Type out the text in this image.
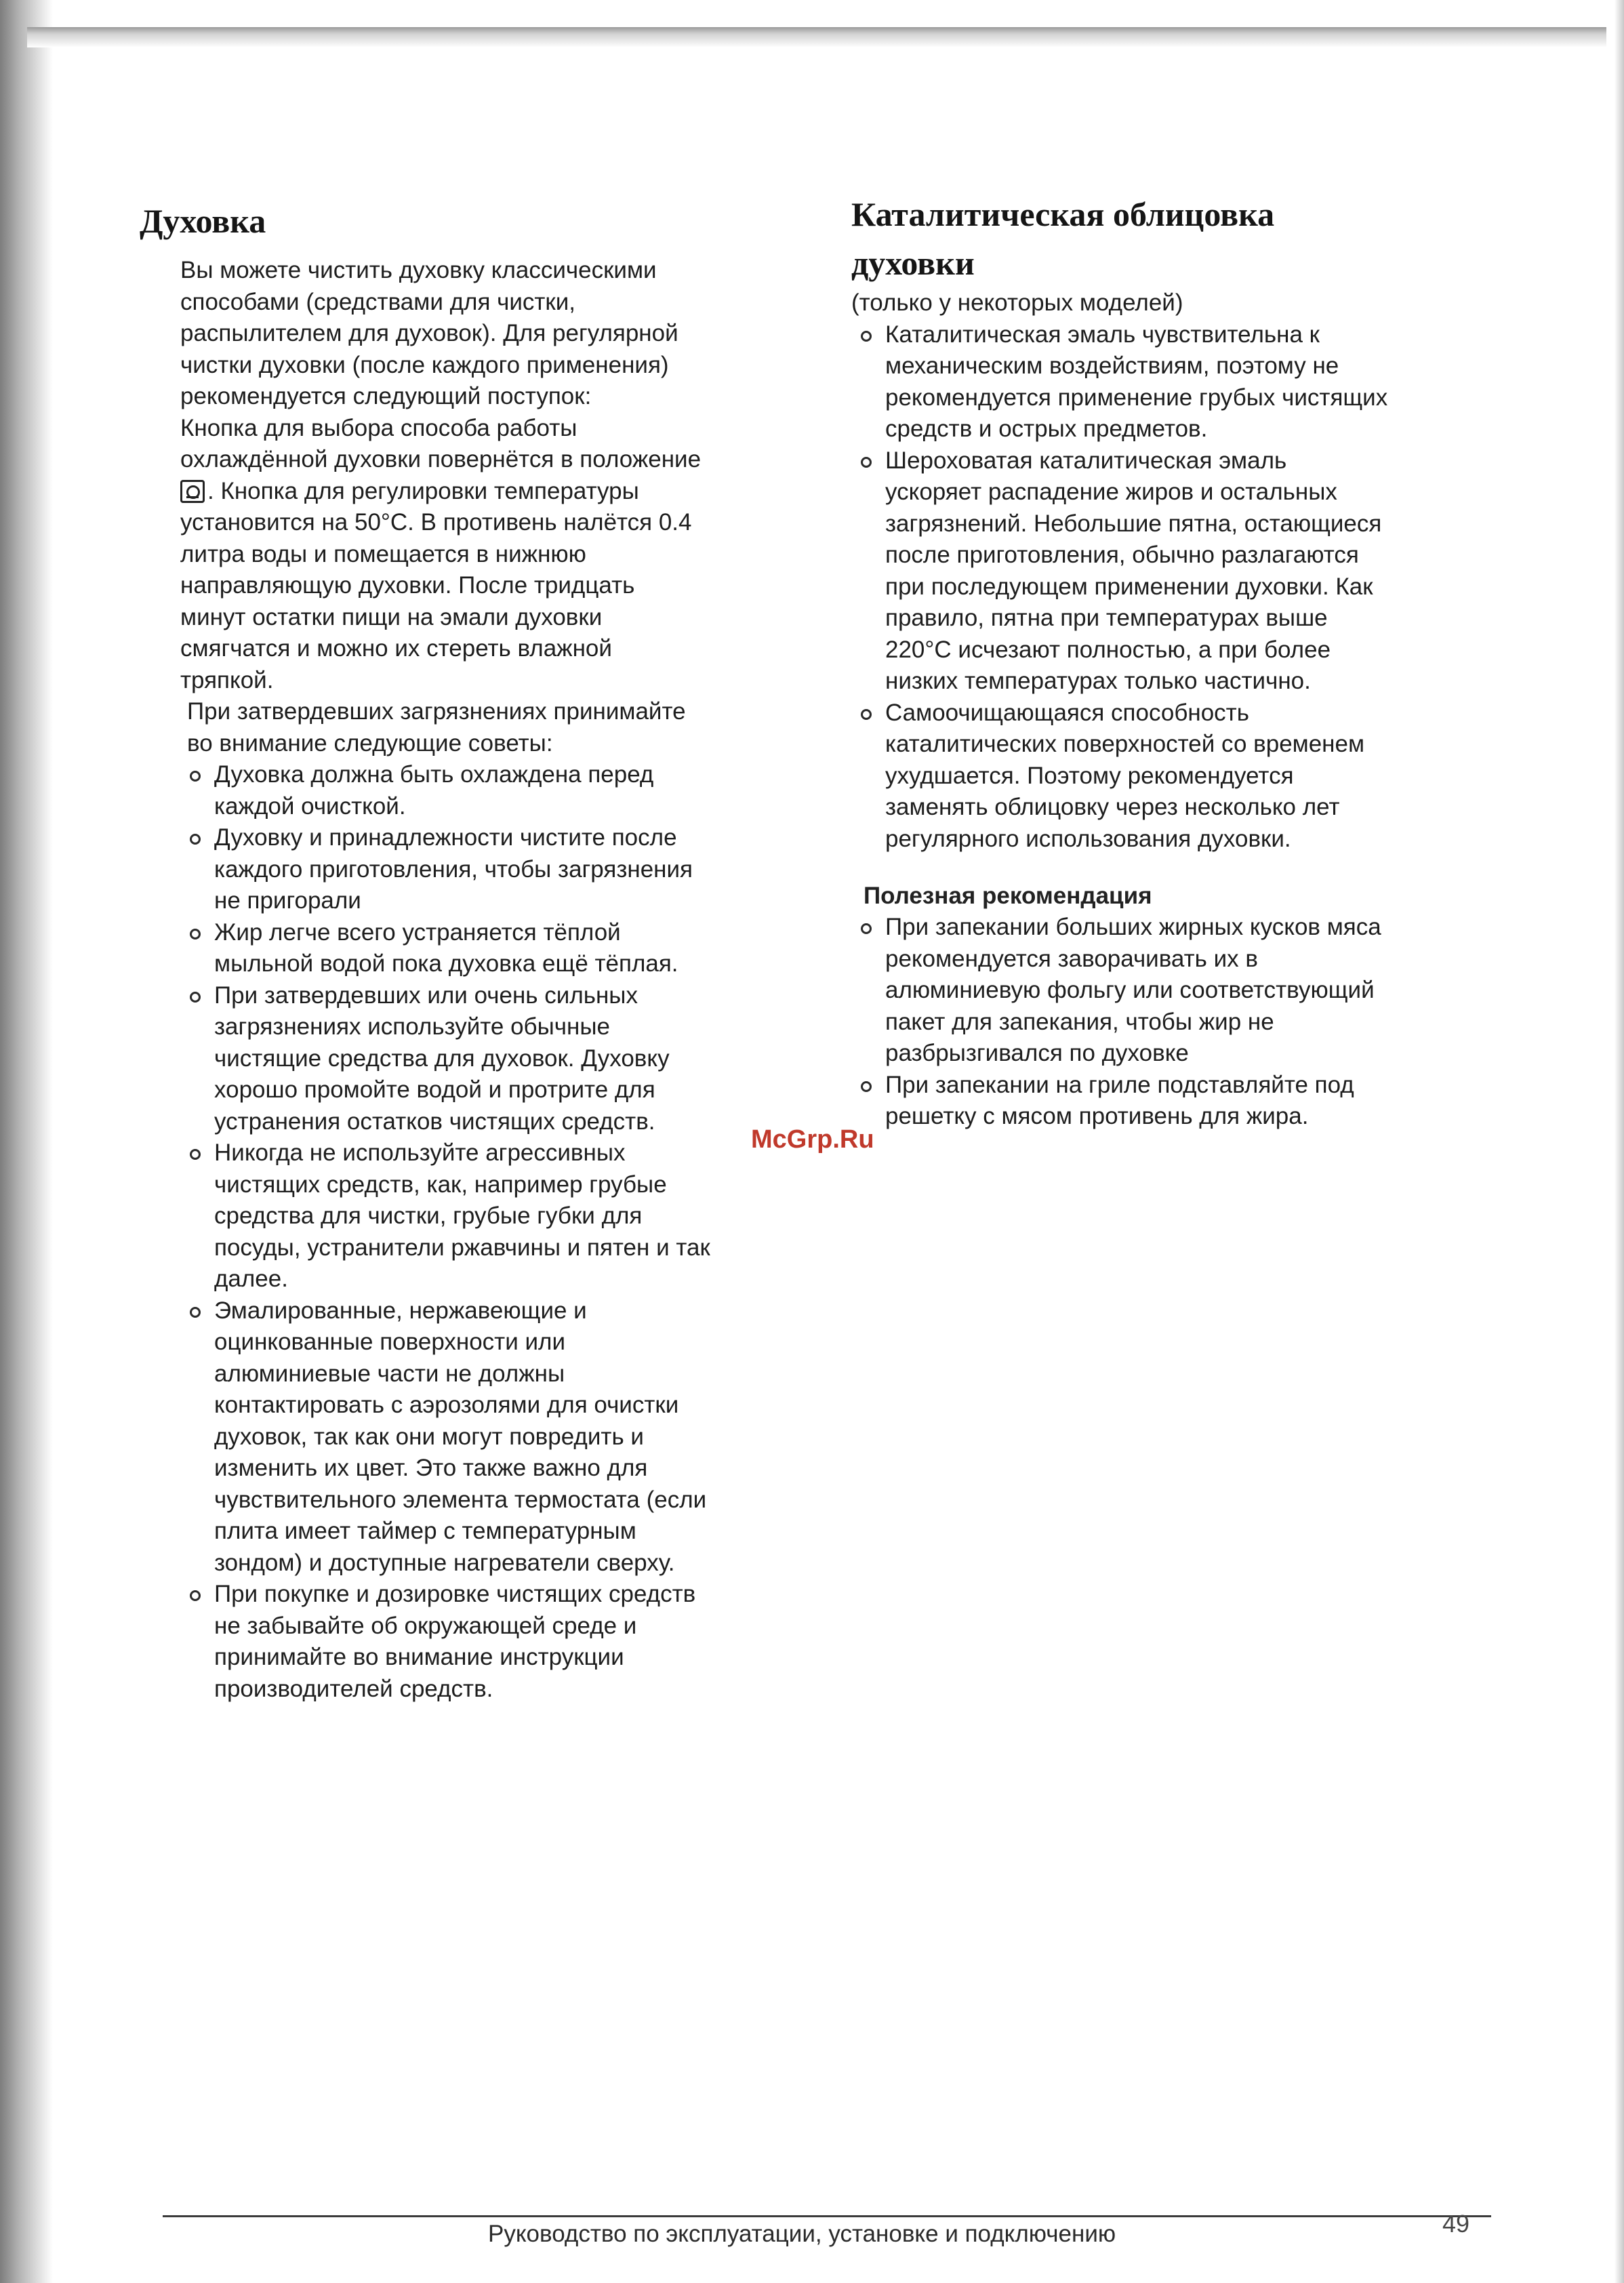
Духовка

Вы можете чистить духовку классическими
способами (средствами для чистки,
распылителем для духовок). Для регулярной
чистки духовки (после каждого применения)
рекомендуется следующий поступок:
Кнопка для выбора способа работы
охлаждённой духовки повернётся в положение
. Кнопка для регулировки температуры
установится на 50°С. В противень налётся 0.4
литра воды и помещается в нижнюю
направляющую духовки. После тридцать
минут остатки пищи на эмали духовки
смягчатся и можно их стереть влажной
тряпкой.

При затвердевших загрязнениях принимайте
во внимание следующие советы:

Духовка должна быть охлаждена перед
каждой очисткой.
Духовку и принадлежности чистите после
каждого приготовления, чтобы загрязнения
не пригорали
Жир легче всего устраняется тёплой
мыльной водой пока духовка ещё тёплая.
При затвердевших или очень сильных
загрязнениях используйте обычные
чистящие средства для духовок. Духовку
хорошо промойте водой и протрите для
устранения остатков чистящих средств.
Никогда не используйте агрессивных
чистящих средств, как, например грубые
средства для чистки, грубые губки для
посуды, устранители ржавчины и пятен и так
далее.
Эмалированные, нержавеющие и
оцинкованные поверхности или
алюминиевые части не должны
контактировать с аэрозолями для очистки
духовок, так как они могут повредить и
изменить их цвет. Это также важно для
чувствительного элемента термостата (если
плита имеет таймер с температурным
зондом) и доступные нагреватели сверху.
При покупке и дозировке чистящих средств
не забывайте об окружающей среде и
принимайте во внимание инструкции
производителей средств.
Каталитическая облицовка
духовки

(только у некоторых моделей)

Каталитическая эмаль чувствительна к
механическим воздействиям, поэтому не
рекомендуется применение грубых чистящих
средств и острых предметов.
Шероховатая каталитическая эмаль
ускоряет распадение жиров и остальных
загрязнений. Небольшие пятна, остающиеся
после приготовления, обычно разлагаются
при последующем применении духовки. Как
правило, пятна при температурах выше
220°С исчезают полностью, а при более
низких температурах только частично.
Самоочищающаяся способность
каталитических поверхностей со временем
ухудшается. Поэтому рекомендуется
заменять облицовку через несколько лет
регулярного использования духовки.
Полезная рекомендация
При запекании больших жирных кусков мяса
рекомендуется заворачивать их в
алюминиевую фольгу или соответствующий
пакет для запекания, чтобы жир не
разбрызгивался по духовке
При запекании на гриле подставляйте под
решетку с мясом противень для жира.
McGrp.Ru
Руководство по эксплуатации, установке и подключению	49
